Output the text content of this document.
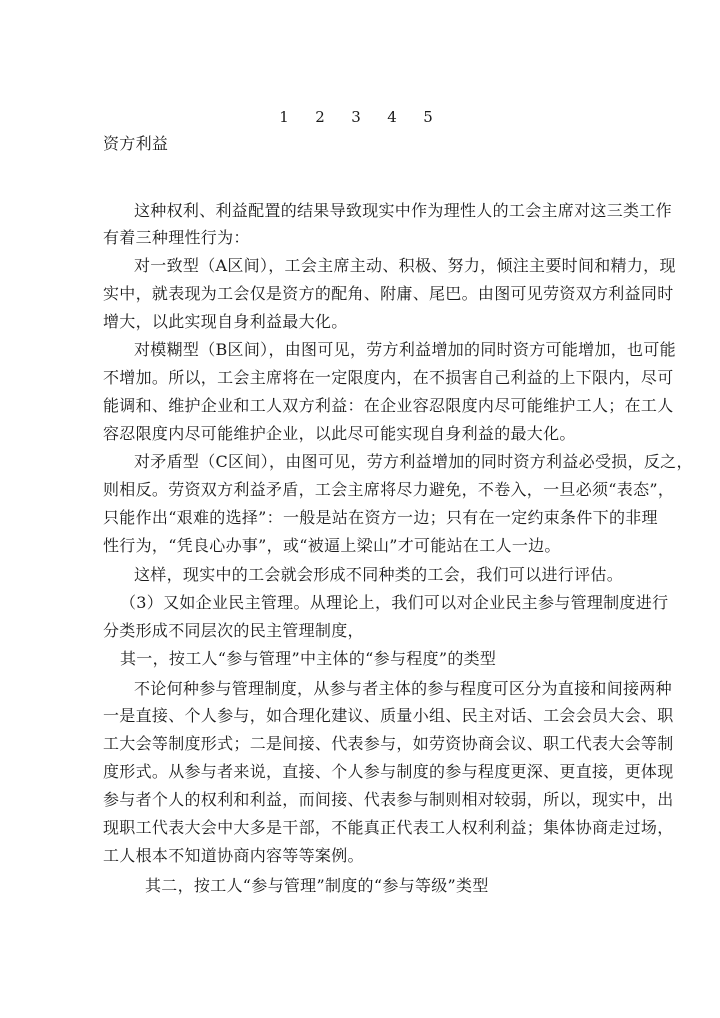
1 2 3 4 5
资方利益
这种权利、利益配置的结果导致现实中作为理性人的工会主席对这三类工作
有着三种理性行为：
对一致型（A区间），工会主席主动、积极、努力，倾注主要时间和精力，现
实中，就表现为工会仅是资方的配角、附庸、尾巴。由图可见劳资双方利益同时
增大，以此实现自身利益最大化。
对模糊型（B区间），由图可见，劳方利益增加的同时资方可能增加，也可能
不增加。所以，工会主席将在一定限度内，在不损害自己利益的上下限内，尽可
能调和、维护企业和工人双方利益：在企业容忍限度内尽可能维护工人；在工人
容忍限度内尽可能维护企业，以此尽可能实现自身利益的最大化。
对矛盾型（C区间），由图可见，劳方利益增加的同时资方利益必受损，反之，
则相反。劳资双方利益矛盾，工会主席将尽力避免，不卷入，一旦必须“表态”，
只能作出“艰难的选择”：一般是站在资方一边；只有在一定约束条件下的非理
性行为，“凭良心办事”，或“被逼上梁山”才可能站在工人一边。
这样，现实中的工会就会形成不同种类的工会，我们可以进行评估。
（3）又如企业民主管理。从理论上，我们可以对企业民主参与管理制度进行
分类形成不同层次的民主管理制度，
其一，按工人“参与管理”中主体的“参与程度”的类型
不论何种参与管理制度，从参与者主体的参与程度可区分为直接和间接两种
一是直接、个人参与，如合理化建议、质量小组、民主对话、工会会员大会、职
工大会等制度形式；二是间接、代表参与，如劳资协商会议、职工代表大会等制
度形式。从参与者来说，直接、个人参与制度的参与程度更深、更直接，更体现
参与者个人的权利和利益，而间接、代表参与制则相对较弱，所以，现实中，出
现职工代表大会中大多是干部，不能真正代表工人权利利益；集体协商走过场，
工人根本不知道协商内容等等案例。
其二，按工人“参与管理”制度的“参与等级”类型
